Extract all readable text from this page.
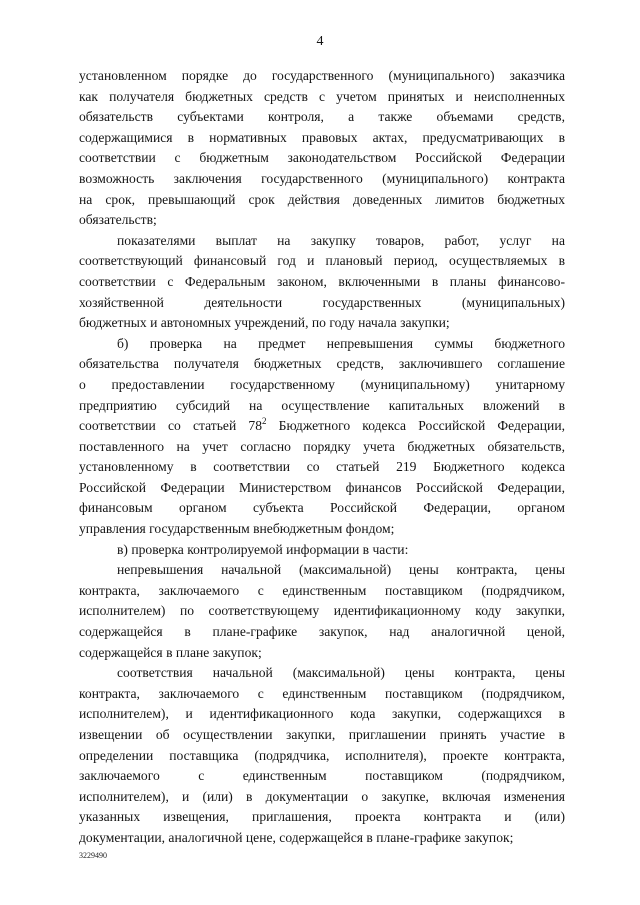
4
установленном порядке до государственного (муниципального) заказчика
как получателя бюджетных средств с учетом принятых и неисполненных
обязательств субъектами контроля, а также объемами средств,
содержащимися в нормативных правовых актах, предусматривающих в
соответствии с бюджетным законодательством Российской Федерации
возможность заключения государственного (муниципального) контракта
на срок, превышающий срок действия доведенных лимитов бюджетных
обязательств;
показателями выплат на закупку товаров, работ, услуг на
соответствующий финансовый год и плановый период, осуществляемых в
соответствии с Федеральным законом, включенными в планы финансово-
хозяйственной деятельности государственных (муниципальных)
бюджетных и автономных учреждений, по году начала закупки;
б) проверка на предмет непревышения суммы бюджетного
обязательства получателя бюджетных средств, заключившего соглашение
о предоставлении государственному (муниципальному) унитарному
предприятию субсидий на осуществление капитальных вложений в
соответствии со статьей $78^2$ Бюджетного кодекса Российской Федерации,
поставленного на учет согласно порядку учета бюджетных обязательств,
установленному в соответствии со статьей 219 Бюджетного кодекса
Российской Федерации Министерством финансов Российской Федерации,
финансовым органом субъекта Российской Федерации, органом
управления государственным внебюджетным фондом;
в) проверка контролируемой информации в части:
непревышения начальной (максимальной) цены контракта, цены
контракта, заключаемого с единственным поставщиком (подрядчиком,
исполнителем) по соответствующему идентификационному коду закупки,
содержащейся в плане-графике закупок, над аналогичной ценой,
содержащейся в плане закупок;
соответствия начальной (максимальной) цены контракта, цены
контракта, заключаемого с единственным поставщиком (подрядчиком,
исполнителем), и идентификационного кода закупки, содержащихся в
извещении об осуществлении закупки, приглашении принять участие в
определении поставщика (подрядчика, исполнителя), проекте контракта,
заключаемого с единственным поставщиком (подрядчиком,
исполнителем), и (или) в документации о закупке, включая изменения
указанных извещения, приглашения, проекта контракта и (или)
документации, аналогичной цене, содержащейся в плане-графике закупок;
3229490
